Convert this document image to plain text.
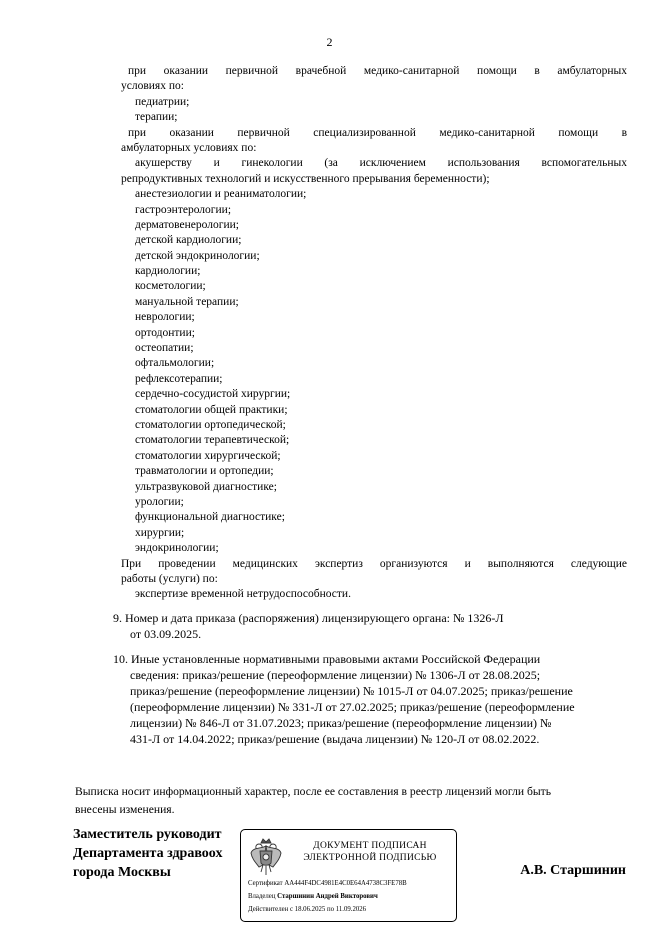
2
при оказании первичной врачебной медико-санитарной помощи в амбулаторных
условиях по:
педиатрии;
терапии;
при оказании первичной специализированной медико-санитарной помощи в
амбулаторных условиях по:
акушерству и гинекологии (за исключением использования вспомогательных
репродуктивных технологий и искусственного прерывания беременности);
анестезиологии и реаниматологии;
гастроэнтерологии;
дерматовенерологии;
детской кардиологии;
детской эндокринологии;
кардиологии;
косметологии;
мануальной терапии;
неврологии;
ортодонтии;
остеопатии;
офтальмологии;
рефлексотерапии;
сердечно-сосудистой хирургии;
стоматологии общей практики;
стоматологии ортопедической;
стоматологии терапевтической;
стоматологии хирургической;
травматологии и ортопедии;
ультразвуковой диагностике;
урологии;
функциональной диагностике;
хирургии;
эндокринологии;
При проведении медицинских экспертиз организуются и выполняются следующие
работы (услуги) по:
экспертизе временной нетрудоспособности.
9. Номер и дата приказа (распоряжения) лицензирующего органа: № 1326-Л
от 03.09.2025.
10. Иные установленные нормативными правовыми актами Российской Федерации
сведения: приказ/решение (переоформление лицензии) № 1306-Л от 28.08.2025;
приказ/решение (переоформление лицензии) № 1015-Л от 04.07.2025; приказ/решение
(переоформление лицензии) № 331-Л от 27.02.2025; приказ/решение (переоформление
лицензии) № 846-Л от 31.07.2023; приказ/решение (переоформление лицензии) №
431-Л от 14.04.2022; приказ/решение (выдача лицензии) № 120-Л от 08.02.2022.
Выписка носит информационный характер, после ее составления в реестр лицензий могли быть
внесены изменения.
Заместитель руководит
Департамента здравоох
города Москвы	А.В. Старшинин
ДОКУМЕНТ ПОДПИСАН
ЭЛЕКТРОННОЙ ПОДПИСЬЮ
Сертификат AA444F4DC4981E4C0E64A4738C3FE78B
Владелец Старшинин Андрей Викторович
Действителен с 18.06.2025 по 11.09.2026
